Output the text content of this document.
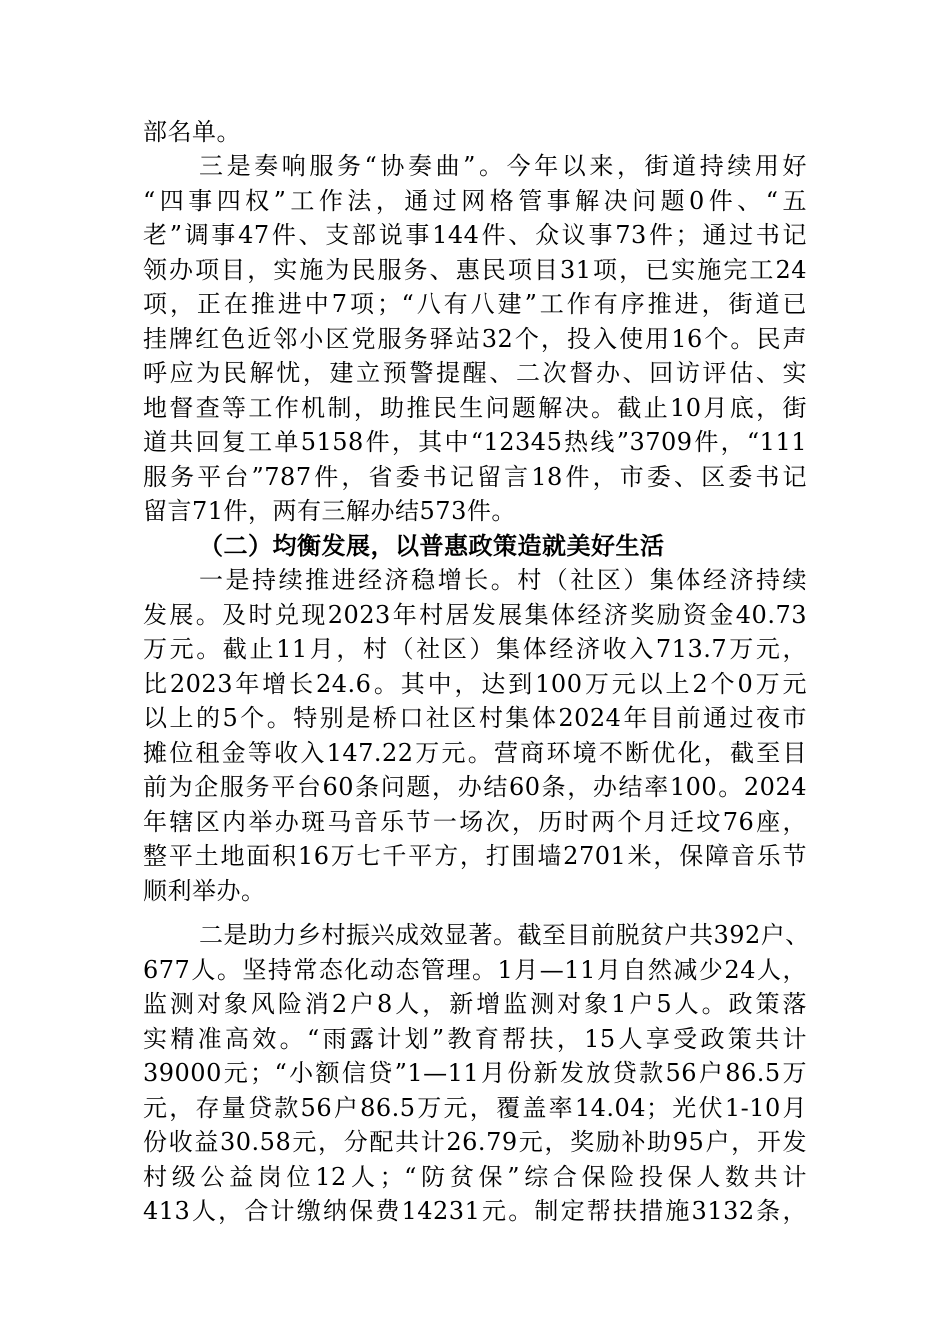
部名单。
三是奏响服务“协奏曲”。今年以来，街道持续用好
“四事四权”工作法，通过网格管事解决问题0件、“五
老”调事47件、支部说事144件、众议事73件；通过书记
领办项目，实施为民服务、惠民项目31项，已实施完工24
项，正在推进中7项；“八有八建”工作有序推进，街道已
挂牌红色近邻小区党服务驿站32个，投入使用16个。民声
呼应为民解忧，建立预警提醒、二次督办、回访评估、实
地督查等工作机制，助推民生问题解决。截止10月底，街
道共回复工单5158件，其中“12345热线”3709件，“111
服务平台”787件，省委书记留言18件，市委、区委书记
留言71件，两有三解办结573件。
（二）均衡发展，以普惠政策造就美好生活
一是持续推进经济稳增长。村（社区）集体经济持续
发展。及时兑现2023年村居发展集体经济奖励资金40.73
万元。截止11月，村（社区）集体经济收入713.7万元，
比2023年增长24.6。其中，达到100万元以上2个0万元
以上的5个。特别是桥口社区村集体2024年目前通过夜市
摊位租金等收入147.22万元。营商环境不断优化，截至目
前为企服务平台60条问题，办结60条，办结率100。2024
年辖区内举办斑马音乐节一场次，历时两个月迁坟76座，
整平土地面积16万七千平方，打围墙2701米，保障音乐节
顺利举办。
二是助力乡村振兴成效显著。截至目前脱贫户共392户、
677人。坚持常态化动态管理。1月—11月自然减少24人，
监测对象风险消2户8人，新增监测对象1户5人。政策落
实精准高效。“雨露计划”教育帮扶，15人享受政策共计
39000元；“小额信贷”1—11月份新发放贷款56户86.5万
元，存量贷款56户86.5万元，覆盖率14.04；光伏1-10月
份收益30.58元，分配共计26.79元，奖励补助95户，开发
村级公益岗位12人；“防贫保”综合保险投保人数共计
413人，合计缴纳保费14231元。制定帮扶措施3132条，
